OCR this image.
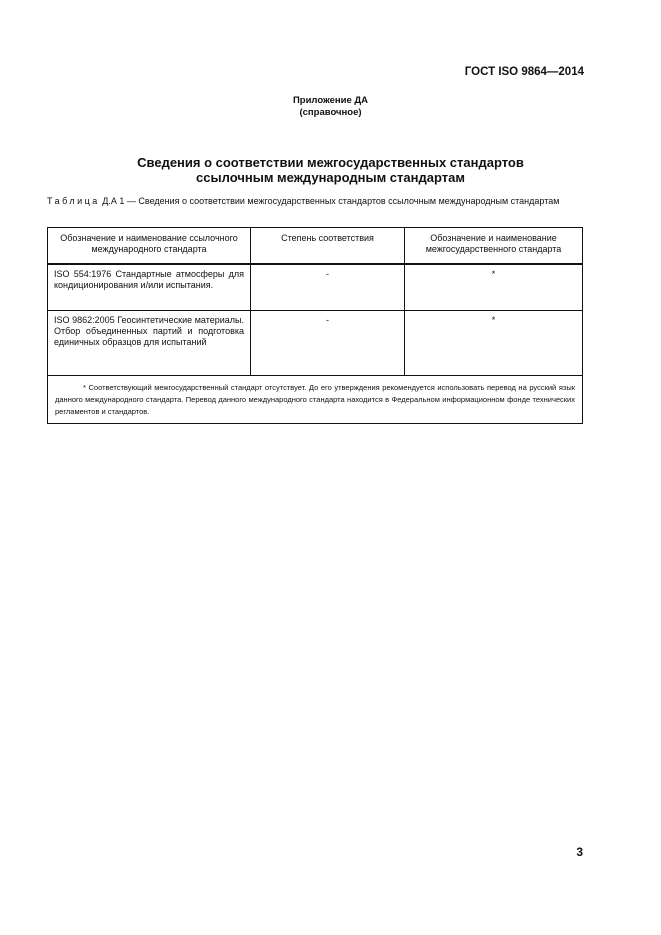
ГОСТ ISO 9864—2014
Приложение ДА
(справочное)
Сведения о соответствии межгосударственных стандартов
ссылочным международным стандартам
Таблица Д.А 1 — Сведения о соответствии межгосударственных стандартов ссылочным международным стандартам
Обозначение и наименование ссылочного международного стандарта	Степень соответствия	Обозначение и наименование межгосударственного стандарта
ISO 554:1976 Стандартные атмосферы для кондиционирования и/или испытания.	-	*
ISO 9862:2005 Геосинтетические материалы. Отбор объединенных партий и подготовка единичных образцов для испытаний	-	*
* Соответствующий межгосударственный стандарт отсутствует. До его утверждения рекомендуется использовать перевод на русский язык данного международного стандарта. Перевод данного международного стандарта находится в Федеральном информационном фонде технических регламентов и стандартов.		
3
